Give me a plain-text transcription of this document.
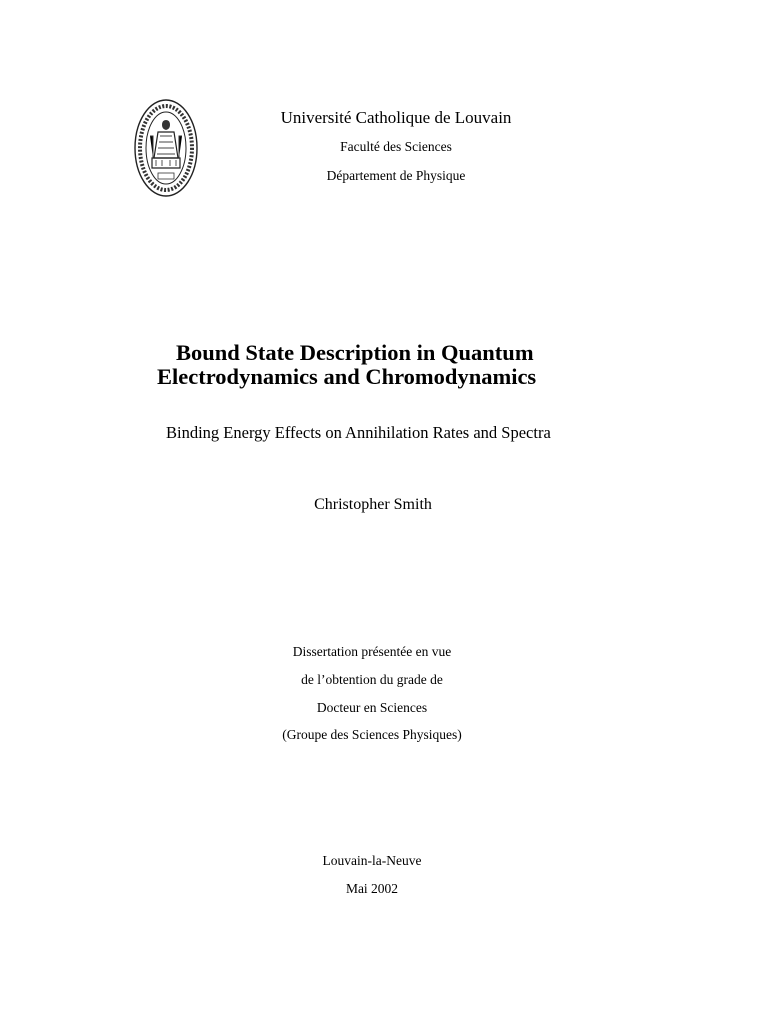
Université Catholique de Louvain
Faculté des Sciences
Département de Physique
Bound State Description in Quantum
Electrodynamics and Chromodynamics
Binding Energy Effects on Annihilation Rates and Spectra
Christopher Smith
Dissertation présentée en vue
de l’obtention du grade de
Docteur en Sciences
(Groupe des Sciences Physiques)
Louvain-la-Neuve
Mai 2002
